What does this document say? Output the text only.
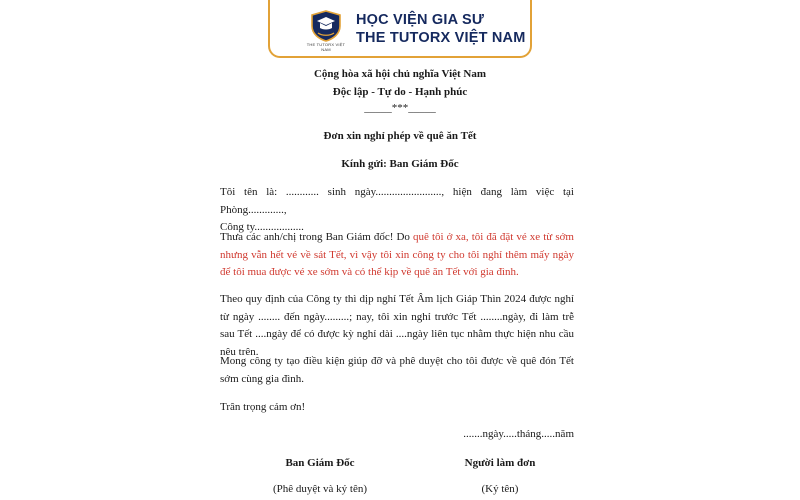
THE TUTORX VIỆT NAM
HỌC VIỆN GIA SƯ
THE TUTORX VIỆT NAM
Cộng hòa xã hội chủ nghĩa Việt Nam
Độc lập - Tự do - Hạnh phúc
_____***_____
Đơn xin nghỉ phép về quê ăn Tết
Kính gửi: Ban Giám Đốc
Tôi tên là: ............ sinh ngày........................, hiện đang làm việc tại Phòng.............,
Công ty..................
Thưa các anh/chị trong Ban Giám đốc! Do quê tôi ở xa, tôi đã đặt vé xe từ sớm nhưng vẫn hết vé về sát Tết, vì vậy tôi xin công ty cho tôi nghỉ thêm mấy ngày để tôi mua được vé xe sớm và có thể kịp về quê ăn Tết với gia đình.
Theo quy định của Công ty thì dịp nghỉ Tết Âm lịch Giáp Thìn 2024 được nghỉ từ ngày ........ đến ngày.........; nay, tôi xin nghỉ trước Tết ........ngày, đi làm trễ sau Tết ....ngày để có được kỳ nghỉ dài ....ngày liên tục nhằm thực hiện nhu cầu nêu trên.
Mong công ty tạo điều kiện giúp đỡ và phê duyệt cho tôi được về quê đón Tết sớm cùng gia đình.
Trân trọng cảm ơn!
.......ngày.....tháng.....năm
Ban Giám Đốc
(Phê duyệt và ký tên)
Người làm đơn
(Ký tên)
